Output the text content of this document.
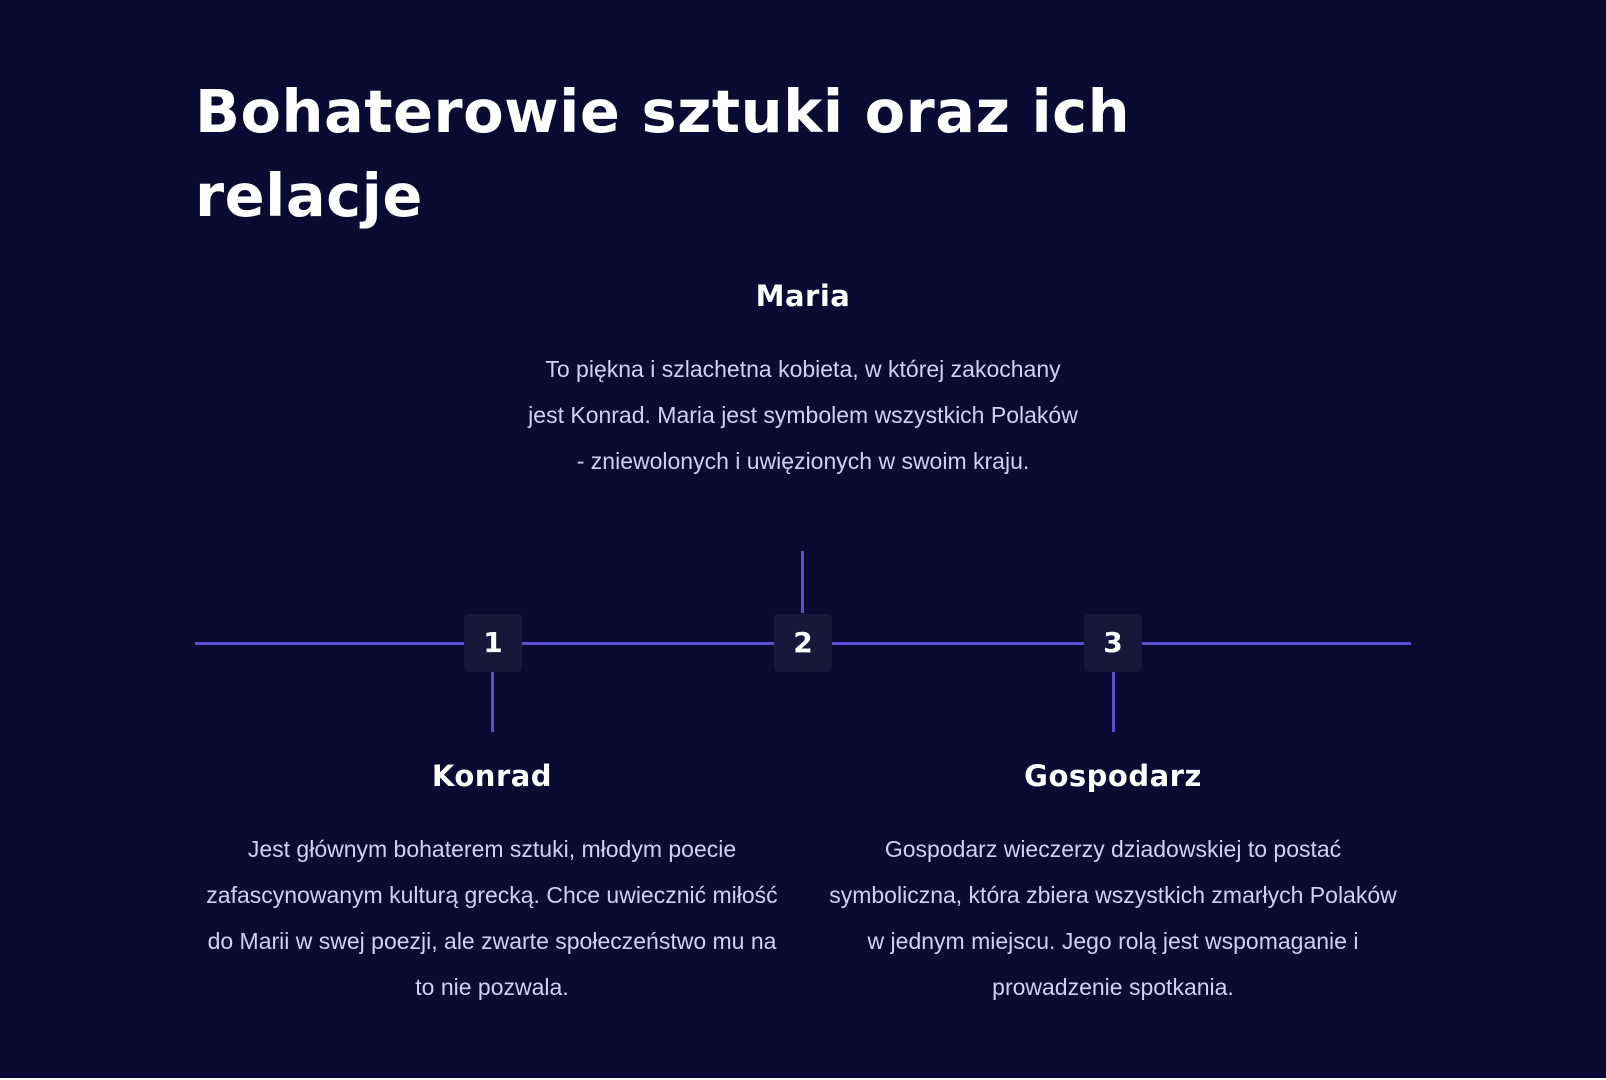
Bohaterowie sztuki oraz ich relacje
Maria

To piękna i szlachetna kobieta, w której zakochany jest Konrad. Maria jest symbolem wszystkich Polaków - zniewolonych i uwięzionych w swoim kraju.

1	2	3
Konrad

Jest głównym bohaterem sztuki, młodym poecie zafascynowanym kulturą grecką. Chce uwiecznić miłość do Marii w swej poezji, ale zwarte społeczeństwo mu na to nie pozwala.

Gospodarz

Gospodarz wieczerzy dziadowskiej to postać symboliczna, która zbiera wszystkich zmarłych Polaków w jednym miejscu. Jego rolą jest wspomaganie i prowadzenie spotkania.
